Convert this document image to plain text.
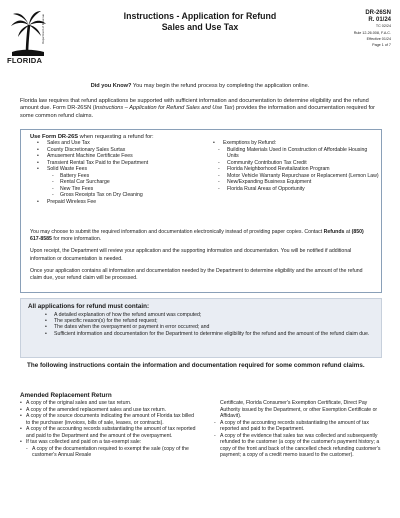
Department of Revenue
FLORIDA
Instructions - Application for Refund
Sales and Use Tax
DR-26SN
R. 01/24
TC 02/24
Rule 12-26.008, F.A.C.
Effective 01/24
Page 1 of 7
Did you Know? You may begin the refund process by completing the application online.
Florida law requires that refund applications be supported with sufficient information and documentation to determine eligibility and the refund amount due. Form DR-26SN (Instructions – Application for Refund Sales and Use Tax) provides the information and documentation required for some common refund claims.
Use Form DR-26S when requesting a refund for:
• Sales and Use Tax
• County Discretionary Sales Surtax
• Amusement Machine Certificate Fees
• Transient Rental Tax Paid to the Department
• Solid Waste Fees
- Battery Fees
- Rental Car Surcharge
- New Tire Fees
- Gross Receipts Tax on Dry Cleaning
• Prepaid Wireless Fee
• Exemptions by Refund:
- Building Materials Used in Construction of Affordable Housing Units
- Community Contribution Tax Credit
- Florida Neighborhood Revitalization Program
- Motor Vehicle Warranty Repurchase or Replacement (Lemon Law)
- New/Expanding Business Equipment
- Florida Rural Areas of Opportunity
You may choose to submit the required information and documentation electronically instead of providing paper copies. Contact Refunds at (850) 617-8585 for more information.
Upon receipt, the Department will review your application and the supporting information and documentation. You will be notified if additional information or documentation is needed.
Once your application contains all information and documentation needed by the Department to determine eligibility and the amount of the refund claim due, your refund claim will be processed.
All applications for refund must contain:
• A detailed explanation of how the refund amount was computed;
• The specific reason(s) for the refund request;
• The dates when the overpayment or payment in error occurred; and
• Sufficient information and documentation for the Department to determine eligibility for the refund and the amount of the refund claim due.
The following instructions contain the information and documentation required for some common refund claims.
Amended Replacement Return
• A copy of the original sales and use tax return.
• A copy of the amended replacement sales and use tax return.
• A copy of the source documents indicating the amount of Florida tax billed to the purchaser (invoices, bills of sale, leases, or contracts).
• A copy of the accounting records substantiating the amount of tax reported and paid to the Department and the amount of the overpayment.
• If tax was collected and paid on a tax-exempt sale:
- A copy of the documentation required to exempt the sale (copy of the customer's Annual Resale
Certificate, Florida Consumer's Exemption Certificate, Direct Pay Authority issued by the Department, or other Exemption Certificate or Affidavit).
- A copy of the accounting records substantiating the amount of tax reported and paid to the Department.
- A copy of the evidence that sales tax was collected and subsequently refunded to the customer (a copy of the customer's payment history; a copy of the front and back of the cancelled check refunding customer's payment; a copy of a credit memo issued to the customer).
